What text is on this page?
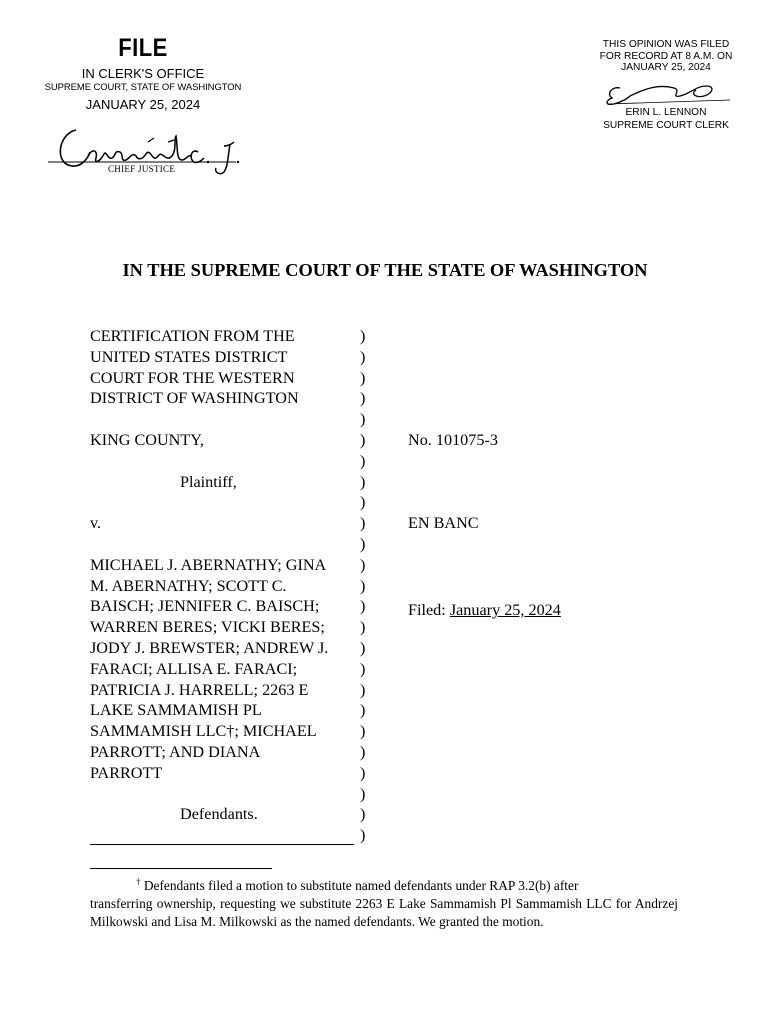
FILE
IN CLERK'S OFFICE
SUPREME COURT, STATE OF WASHINGTON
JANUARY 25, 2024
CHIEF JUSTICE
THIS OPINION WAS FILED
FOR RECORD AT 8 A.M. ON
JANUARY 25, 2024
ERIN L. LENNON
SUPREME COURT CLERK
IN THE SUPREME COURT OF THE STATE OF WASHINGTON
CERTIFICATION FROM THE
UNITED STATES DISTRICT
COURT FOR THE WESTERN
DISTRICT OF WASHINGTON
KING COUNTY,
Plaintiff,
v.
MICHAEL J. ABERNATHY; GINA
M. ABERNATHY; SCOTT C.
BAISCH; JENNIFER C. BAISCH;
WARREN BERES; VICKI BERES;
JODY J. BREWSTER; ANDREW J.
FARACI; ALLISA E. FARACI;
PATRICIA J. HARRELL; 2263 E
LAKE SAMMAMISH PL
SAMMAMISH LLC†; MICHAEL
PARROTT; AND DIANA
PARROTT
Defendants.
)
)
)
)
)
)
)
)
)
)
)
)
)
)
)
)
)
)
)
)
)
)
)
)
)
No. 101075-3
EN BANC
Filed: January 25, 2024
† Defendants filed a motion to substitute named defendants under RAP 3.2(b) after
transferring ownership, requesting we substitute 2263 E Lake Sammamish Pl Sammamish LLC for Andrzej Milkowski and Lisa M. Milkowski as the named defendants. We granted the motion.
